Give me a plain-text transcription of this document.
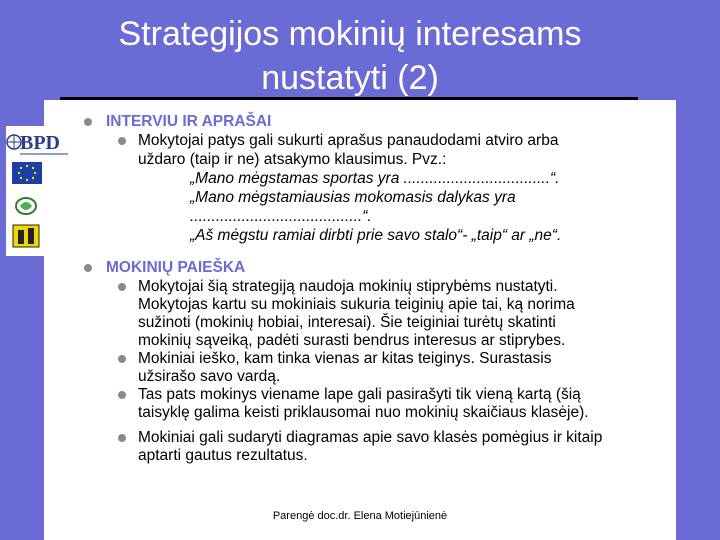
Strategijos mokinių interesams
nustatyti (2)
BPD
INTERVIU IR APRAŠAI
Mokytojai patys gali sukurti aprašus panaudodami atviro arba
uždaro (taip ir ne) atsakymo klausimus. Pvz.:
„Mano mėgstamas sportas yra ..................................“.
„Mano mėgstamiausias mokomasis dalykas yra
........................................“.
„Aš mėgstu ramiai dirbti prie savo stalo“- „taip“ ar „ne“.
MOKINIŲ PAIEŠKA
Mokytojai šią strategiją naudoja mokinių stiprybėms nustatyti.
Mokytojas kartu su mokiniais sukuria teiginių apie tai, ką norima
sužinoti (mokinių hobiai, interesai). Šie teiginiai turėtų skatinti
mokinių sąveiką, padėti surasti bendrus interesus ar stiprybes.
Mokiniai ieško, kam tinka vienas ar kitas teiginys. Surastasis
užsirašo savo vardą.
Tas pats mokinys viename lape gali pasirašyti tik vieną kartą (šią
taisyklę galima keisti priklausomai nuo mokinių skaičiaus klasėje).
Mokiniai gali sudaryti diagramas apie savo klasės pomėgius ir kitaip
aptarti gautus rezultatus.
Parengė doc.dr. Elena Motiejūnienė
